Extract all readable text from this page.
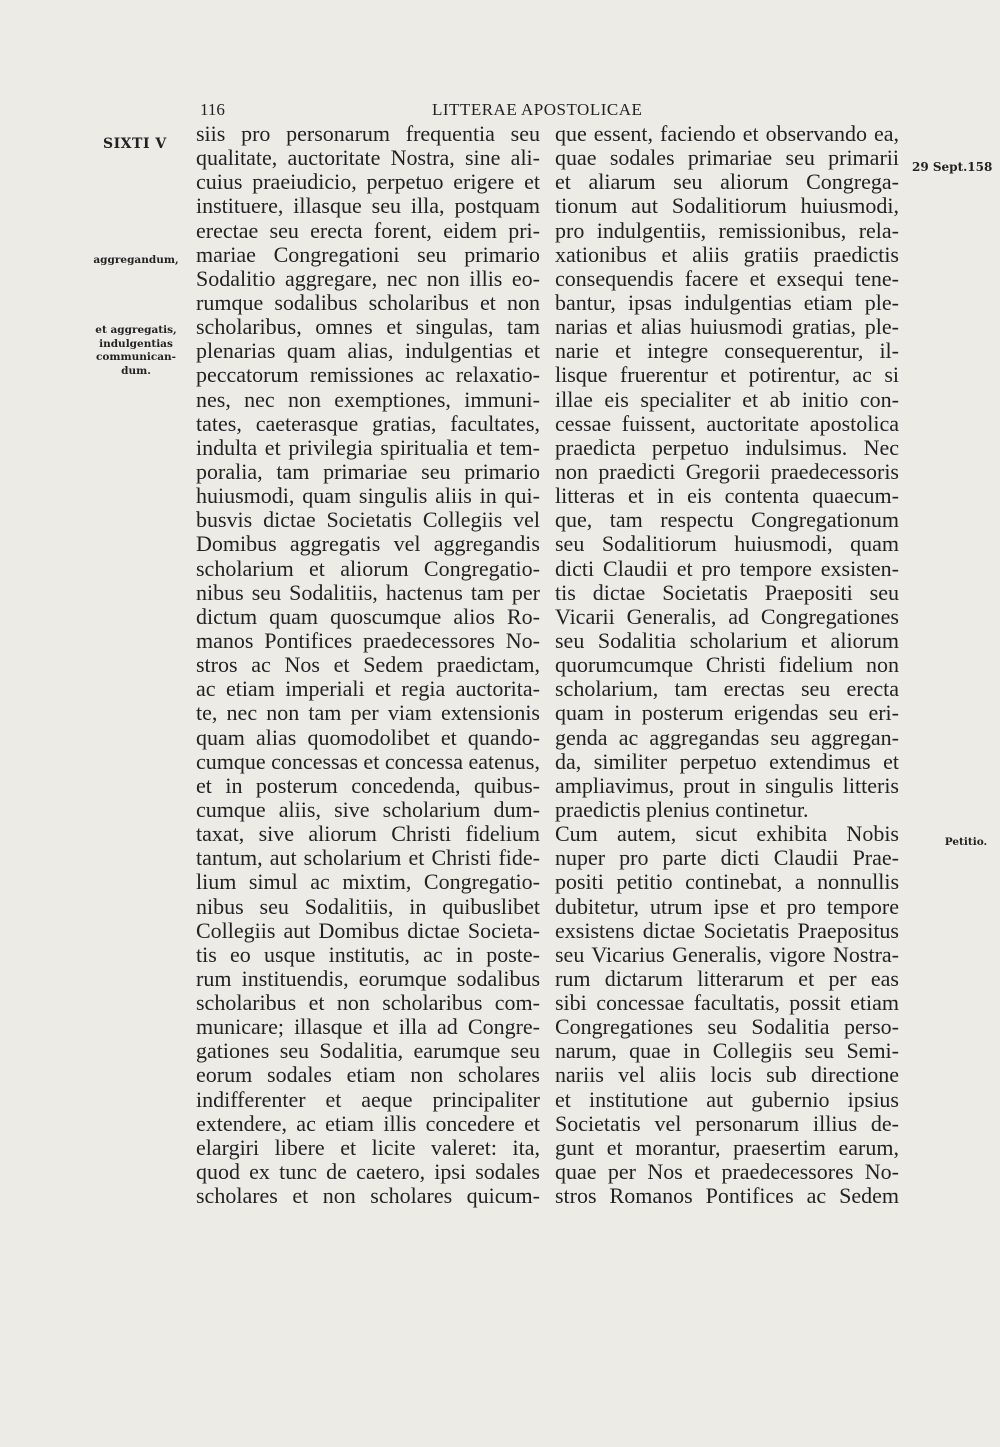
116	LITTERAE APOSTOLICAE
SIXTI V
29 Sept.158
aggregandum,
et aggregatis, indulgentias communican-dum.
Petitio.
siis pro personarum frequentia seu
qualitate, auctoritate Nostra, sine ali-
cuius praeiudicio, perpetuo erigere et
instituere, illasque seu illa, postquam
erectae seu erecta forent, eidem pri-
mariae Congregationi seu primario
Sodalitio aggregare, nec non illis eo-
rumque sodalibus scholaribus et non
scholaribus, omnes et singulas, tam
plenarias quam alias, indulgentias et
peccatorum remissiones ac relaxatio-
nes, nec non exemptiones, immuni-
tates, caeterasque gratias, facultates,
indulta et privilegia spiritualia et tem-
poralia, tam primariae seu primario
huiusmodi, quam singulis aliis in qui-
busvis dictae Societatis Collegiis vel
Domibus aggregatis vel aggregandis
scholarium et aliorum Congregatio-
nibus seu Sodalitiis, hactenus tam per
dictum quam quoscumque alios Ro-
manos Pontifices praedecessores No-
stros ac Nos et Sedem praedictam,
ac etiam imperiali et regia auctorita-
te, nec non tam per viam extensionis
quam alias quomodolibet et quando-
cumque concessas et concessa eatenus,
et in posterum concedenda, quibus-
cumque aliis, sive scholarium dum-
taxat, sive aliorum Christi fidelium
tantum, aut scholarium et Christi fide-
lium simul ac mixtim, Congregatio-
nibus seu Sodalitiis, in quibuslibet
Collegiis aut Domibus dictae Societa-
tis eo usque institutis, ac in poste-
rum instituendis, eorumque sodalibus
scholaribus et non scholaribus com-
municare; illasque et illa ad Congre-
gationes seu Sodalitia, earumque seu
eorum sodales etiam non scholares
indifferenter et aeque principaliter
extendere, ac etiam illis concedere et
elargiri libere et licite valeret: ita,
quod ex tunc de caetero, ipsi sodales
scholares et non scholares quicum-
que essent, faciendo et observando ea,
quae sodales primariae seu primarii
et aliarum seu aliorum Congrega-
tionum aut Sodalitiorum huiusmodi,
pro indulgentiis, remissionibus, rela-
xationibus et aliis gratiis praedictis
consequendis facere et exsequi tene-
bantur, ipsas indulgentias etiam ple-
narias et alias huiusmodi gratias, ple-
narie et integre consequerentur, il-
lisque fruerentur et potirentur, ac si
illae eis specialiter et ab initio con-
cessae fuissent, auctoritate apostolica
praedicta perpetuo indulsimus. Nec
non praedicti Gregorii praedecessoris
litteras et in eis contenta quaecum-
que, tam respectu Congregationum
seu Sodalitiorum huiusmodi, quam
dicti Claudii et pro tempore exsisten-
tis dictae Societatis Praepositi seu
Vicarii Generalis, ad Congregationes
seu Sodalitia scholarium et aliorum
quorumcumque Christi fidelium non
scholarium, tam erectas seu erecta
quam in posterum erigendas seu eri-
genda ac aggregandas seu aggregan-
da, similiter perpetuo extendimus et
ampliavimus, prout in singulis litteris
praedictis plenius continetur.
Cum autem, sicut exhibita Nobis
nuper pro parte dicti Claudii Prae-
positi petitio continebat, a nonnullis
dubitetur, utrum ipse et pro tempore
exsistens dictae Societatis Praepositus
seu Vicarius Generalis, vigore Nostra-
rum dictarum litterarum et per eas
sibi concessae facultatis, possit etiam
Congregationes seu Sodalitia perso-
narum, quae in Collegiis seu Semi-
nariis vel aliis locis sub directione
et institutione aut gubernio ipsius
Societatis vel personarum illius de-
gunt et morantur, praesertim earum,
quae per Nos et praedecessores No-
stros Romanos Pontifices ac Sedem
